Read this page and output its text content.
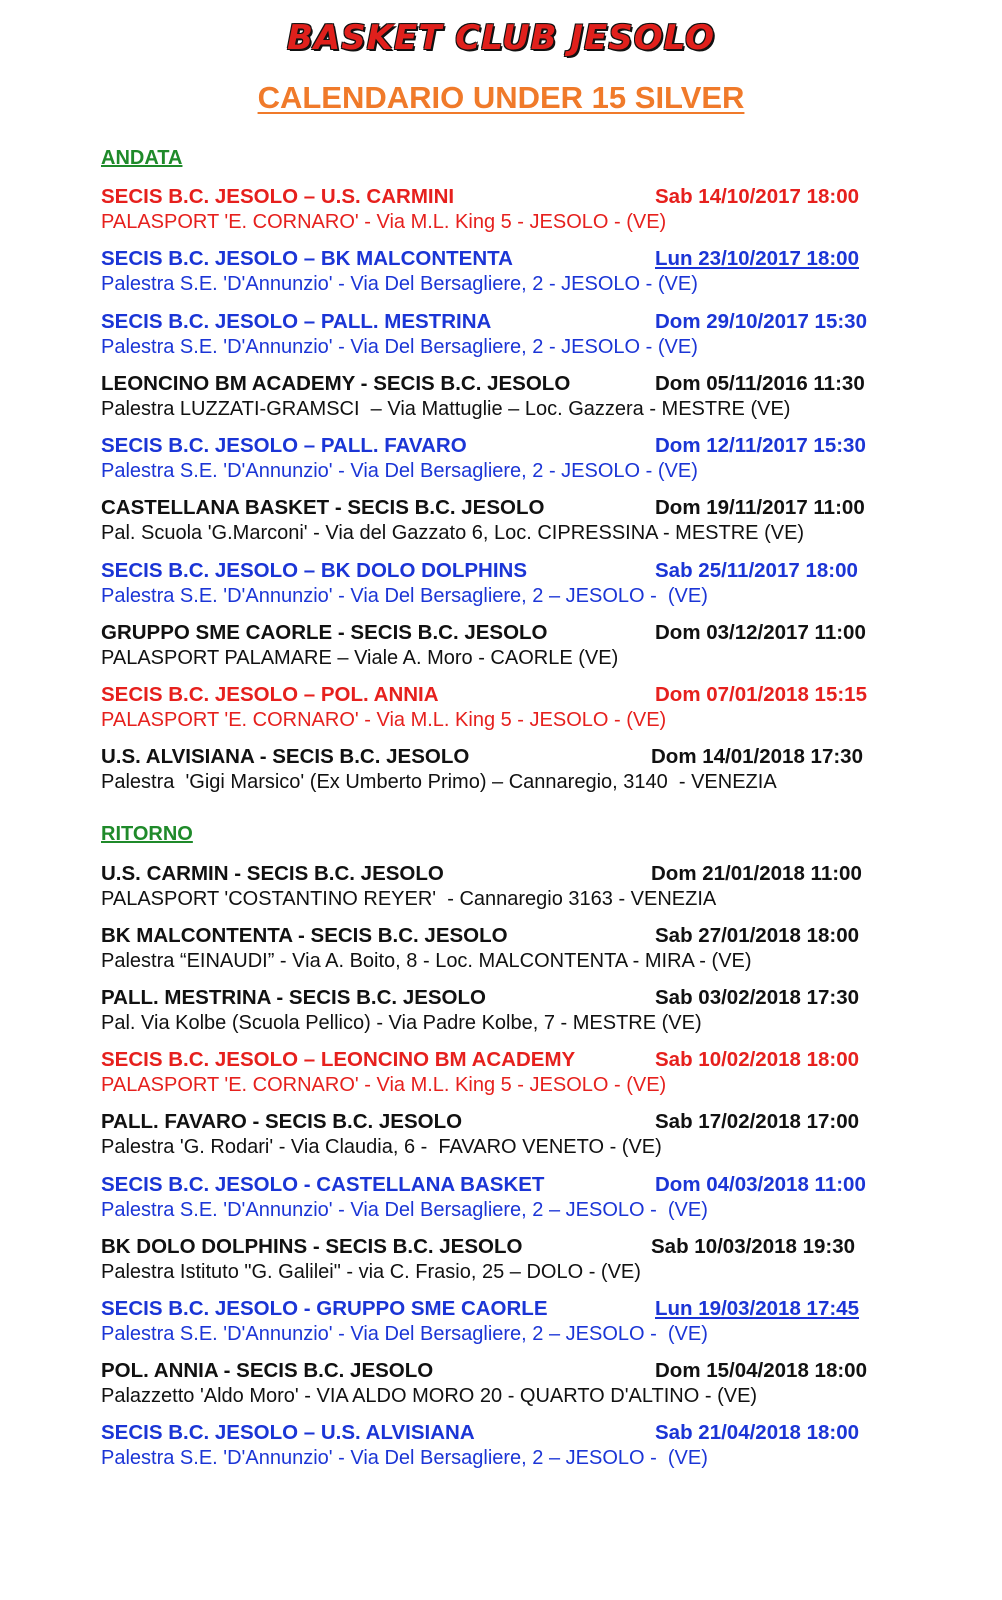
BASKET CLUB JESOLO
CALENDARIO UNDER 15 SILVER
ANDATA
SECIS B.C. JESOLO – U.S. CARMINI	Sab 14/10/2017 18:00
PALASPORT 'E. CORNARO' - Via M.L. King 5 - JESOLO - (VE)
SECIS B.C. JESOLO – BK MALCONTENTA	Lun 23/10/2017 18:00
Palestra S.E. 'D'Annunzio' - Via Del Bersagliere, 2 - JESOLO - (VE)
SECIS B.C. JESOLO – PALL. MESTRINA	Dom 29/10/2017 15:30
Palestra S.E. 'D'Annunzio' - Via Del Bersagliere, 2 - JESOLO - (VE)
LEONCINO BM ACADEMY - SECIS B.C. JESOLO	Dom 05/11/2016 11:30
Palestra LUZZATI-GRAMSCI  – Via Mattuglie – Loc. Gazzera - MESTRE (VE)
SECIS B.C. JESOLO – PALL. FAVARO	Dom 12/11/2017 15:30
Palestra S.E. 'D'Annunzio' - Via Del Bersagliere, 2 - JESOLO - (VE)
CASTELLANA BASKET - SECIS B.C. JESOLO	Dom 19/11/2017 11:00
Pal. Scuola 'G.Marconi' - Via del Gazzato 6, Loc. CIPRESSINA - MESTRE (VE)
SECIS B.C. JESOLO – BK DOLO DOLPHINS	Sab 25/11/2017 18:00
Palestra S.E. 'D'Annunzio' - Via Del Bersagliere, 2 – JESOLO -  (VE)
GRUPPO SME CAORLE - SECIS B.C. JESOLO	Dom 03/12/2017 11:00
PALASPORT PALAMARE – Viale A. Moro - CAORLE (VE)
SECIS B.C. JESOLO – POL. ANNIA	Dom 07/01/2018 15:15
PALASPORT 'E. CORNARO' - Via M.L. King 5 - JESOLO - (VE)
U.S. ALVISIANA - SECIS B.C. JESOLO	Dom 14/01/2018 17:30
Palestra  'Gigi Marsico' (Ex Umberto Primo) – Cannaregio, 3140  - VENEZIA
RITORNO
U.S. CARMIN - SECIS B.C. JESOLO	Dom 21/01/2018 11:00
PALASPORT 'COSTANTINO REYER'  - Cannaregio 3163 - VENEZIA
BK MALCONTENTA - SECIS B.C. JESOLO	Sab 27/01/2018 18:00
Palestra “EINAUDI” - Via A. Boito, 8 - Loc. MALCONTENTA - MIRA - (VE)
PALL. MESTRINA - SECIS B.C. JESOLO	Sab 03/02/2018 17:30
Pal. Via Kolbe (Scuola Pellico) - Via Padre Kolbe, 7 - MESTRE (VE)
SECIS B.C. JESOLO – LEONCINO BM ACADEMY	Sab 10/02/2018 18:00
PALASPORT 'E. CORNARO' - Via M.L. King 5 - JESOLO - (VE)
PALL. FAVARO - SECIS B.C. JESOLO	Sab 17/02/2018 17:00
Palestra 'G. Rodari' - Via Claudia, 6 -  FAVARO VENETO - (VE)
SECIS B.C. JESOLO - CASTELLANA BASKET	Dom 04/03/2018 11:00
Palestra S.E. 'D'Annunzio' - Via Del Bersagliere, 2 – JESOLO -  (VE)
BK DOLO DOLPHINS - SECIS B.C. JESOLO	Sab 10/03/2018 19:30
Palestra Istituto "G. Galilei" - via C. Frasio, 25 – DOLO - (VE)
SECIS B.C. JESOLO - GRUPPO SME CAORLE	Lun 19/03/2018 17:45
Palestra S.E. 'D'Annunzio' - Via Del Bersagliere, 2 – JESOLO -  (VE)
POL. ANNIA - SECIS B.C. JESOLO	Dom 15/04/2018 18:00
Palazzetto 'Aldo Moro' - VIA ALDO MORO 20 - QUARTO D'ALTINO - (VE)
SECIS B.C. JESOLO – U.S. ALVISIANA	Sab 21/04/2018 18:00
Palestra S.E. 'D'Annunzio' - Via Del Bersagliere, 2 – JESOLO -  (VE)
